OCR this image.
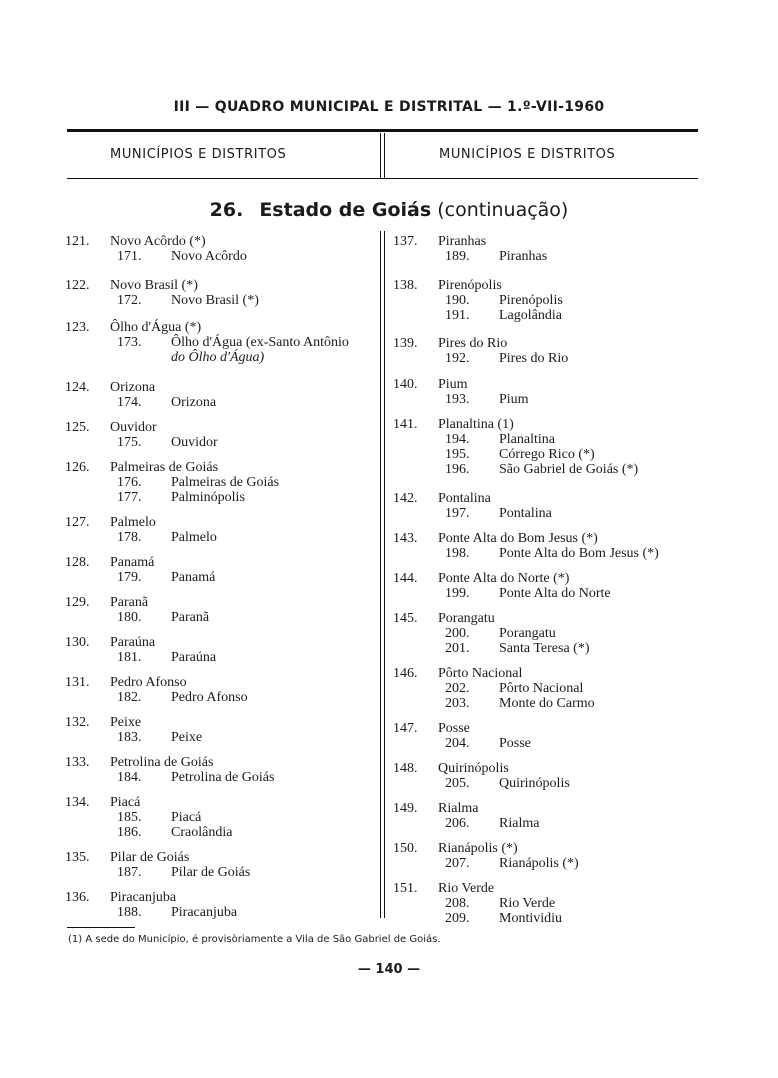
III — QUADRO MUNICIPAL E DISTRITAL — 1.º-VII-1960
MUNICÍPIOS E DISTRITOS	MUNICÍPIOS E DISTRITOS
26. Estado de Goiás (continuação)
121. Novo Acôrdo (*)
171. Novo Acôrdo
122. Novo Brasil (*)
172. Novo Brasil (*)
123. Ôlho d'Água (*)
173. Ôlho d'Água (ex-Santo Antônio
do Ôlho d'Água)
124. Orizona
174. Orizona
125. Ouvidor
175. Ouvidor
126. Palmeiras de Goiás
176. Palmeiras de Goiás
177. Palminópolis
127. Palmelo
178. Palmelo
128. Panamá
179. Panamá
129. Paranã
180. Paranã
130. Paraúna
181. Paraúna
131. Pedro Afonso
182. Pedro Afonso
132. Peixe
183. Peixe
133. Petrolina de Goiás
184. Petrolina de Goiás
134. Piacá
185. Piacá
186. Craolândia
135. Pilar de Goiás
187. Pilar de Goiás
136. Piracanjuba
188. Piracanjuba
137. Piranhas
189. Piranhas
138. Pirenópolis
190. Pirenópolis
191. Lagolândia
139. Pires do Rio
192. Pires do Rio
140. Pium
193. Pium
141. Planaltina (1)
194. Planaltina
195. Córrego Rico (*)
196. São Gabriel de Goiás (*)
142. Pontalina
197. Pontalina
143. Ponte Alta do Bom Jesus (*)
198. Ponte Alta do Bom Jesus (*)
144. Ponte Alta do Norte (*)
199. Ponte Alta do Norte
145. Porangatu
200. Porangatu
201. Santa Teresa (*)
146. Pôrto Nacional
202. Pôrto Nacional
203. Monte do Carmo
147. Posse
204. Posse
148. Quirinópolis
205. Quirinópolis
149. Rialma
206. Rialma
150. Rianápolis (*)
207. Rianápolis (*)
151. Rio Verde
208. Rio Verde
209. Montividiu
(1) A sede do Município, é provisòriamente a Vila de São Gabriel de Goiás.
— 140 —
